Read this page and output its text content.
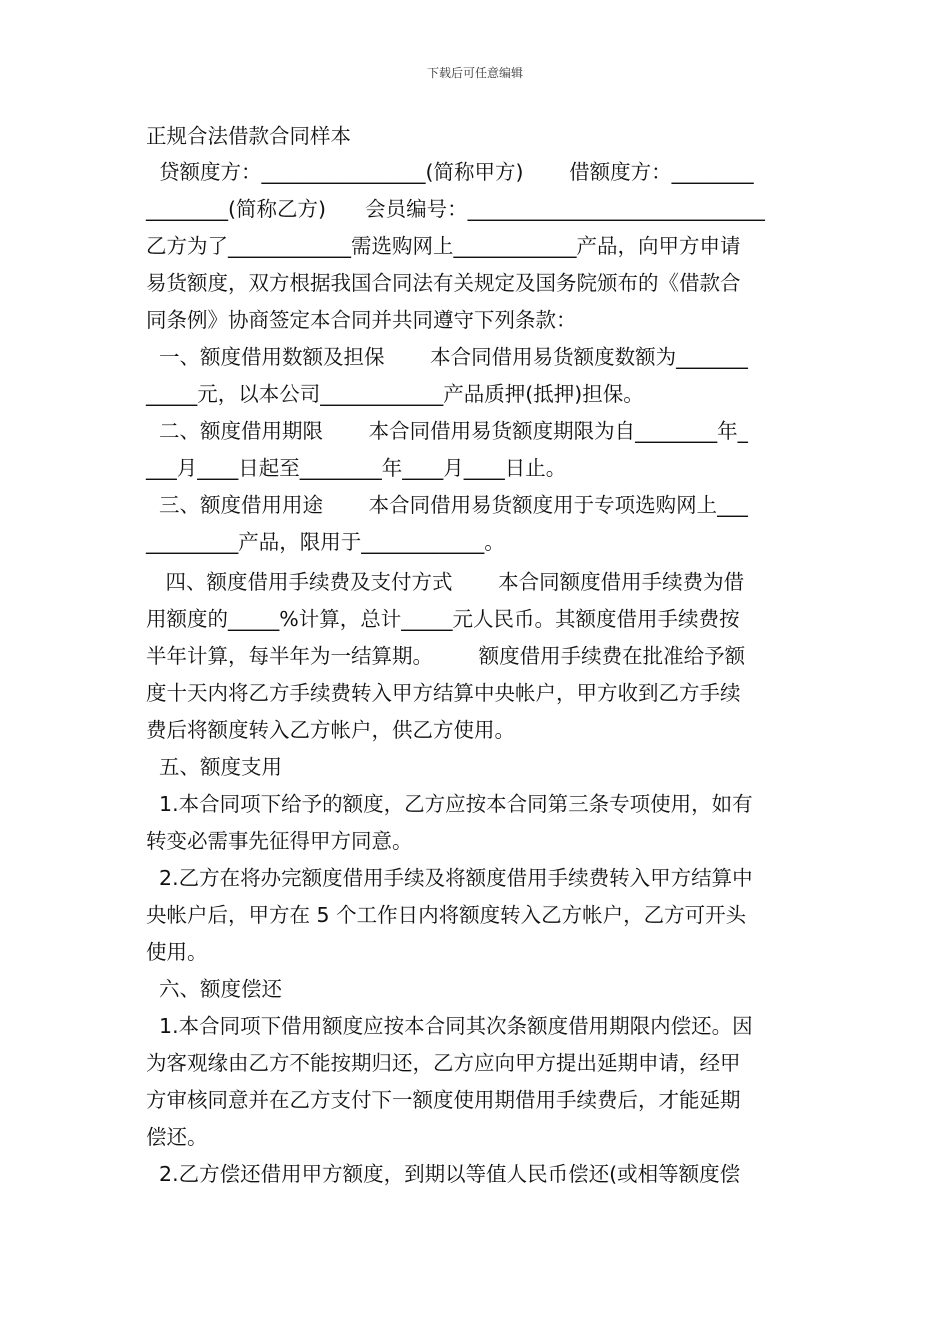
下载后可任意编辑
正规合法借款合同样本
贷额度方：________________(简称甲方)       借额度方：________
________(简称乙方)      会员编号：_____________________________
乙方为了____________需选购网上____________产品，向甲方申请
易货额度，双方根据我国合同法有关规定及国务院颁布的《借款合
同条例》协商签定本合同并共同遵守下列条款：
一、额度借用数额及担保       本合同借用易货额度数额为_______
_____元，以本公司____________产品质押(抵押)担保。
二、额度借用期限       本合同借用易货额度期限为自________年_
___月____日起至________年____月____日止。
三、额度借用用途       本合同借用易货额度用于专项选购网上___
_________产品，限用于____________。
四、额度借用手续费及支付方式       本合同额度借用手续费为借
用额度的_____%计算，总计_____元人民币。其额度借用手续费按
半年计算，每半年为一结算期。       额度借用手续费在批准给予额
度十天内将乙方手续费转入甲方结算中央帐户，甲方收到乙方手续
费后将额度转入乙方帐户，供乙方使用。
五、额度支用
1.本合同项下给予的额度，乙方应按本合同第三条专项使用，如有
转变必需事先征得甲方同意。
2.乙方在将办完额度借用手续及将额度借用手续费转入甲方结算中
央帐户后，甲方在 5 个工作日内将额度转入乙方帐户，乙方可开头
使用。
六、额度偿还
1.本合同项下借用额度应按本合同其次条额度借用期限内偿还。因
为客观缘由乙方不能按期归还，乙方应向甲方提出延期申请，经甲
方审核同意并在乙方支付下一额度使用期借用手续费后，才能延期
偿还。
2.乙方偿还借用甲方额度，到期以等值人民币偿还(或相等额度偿
